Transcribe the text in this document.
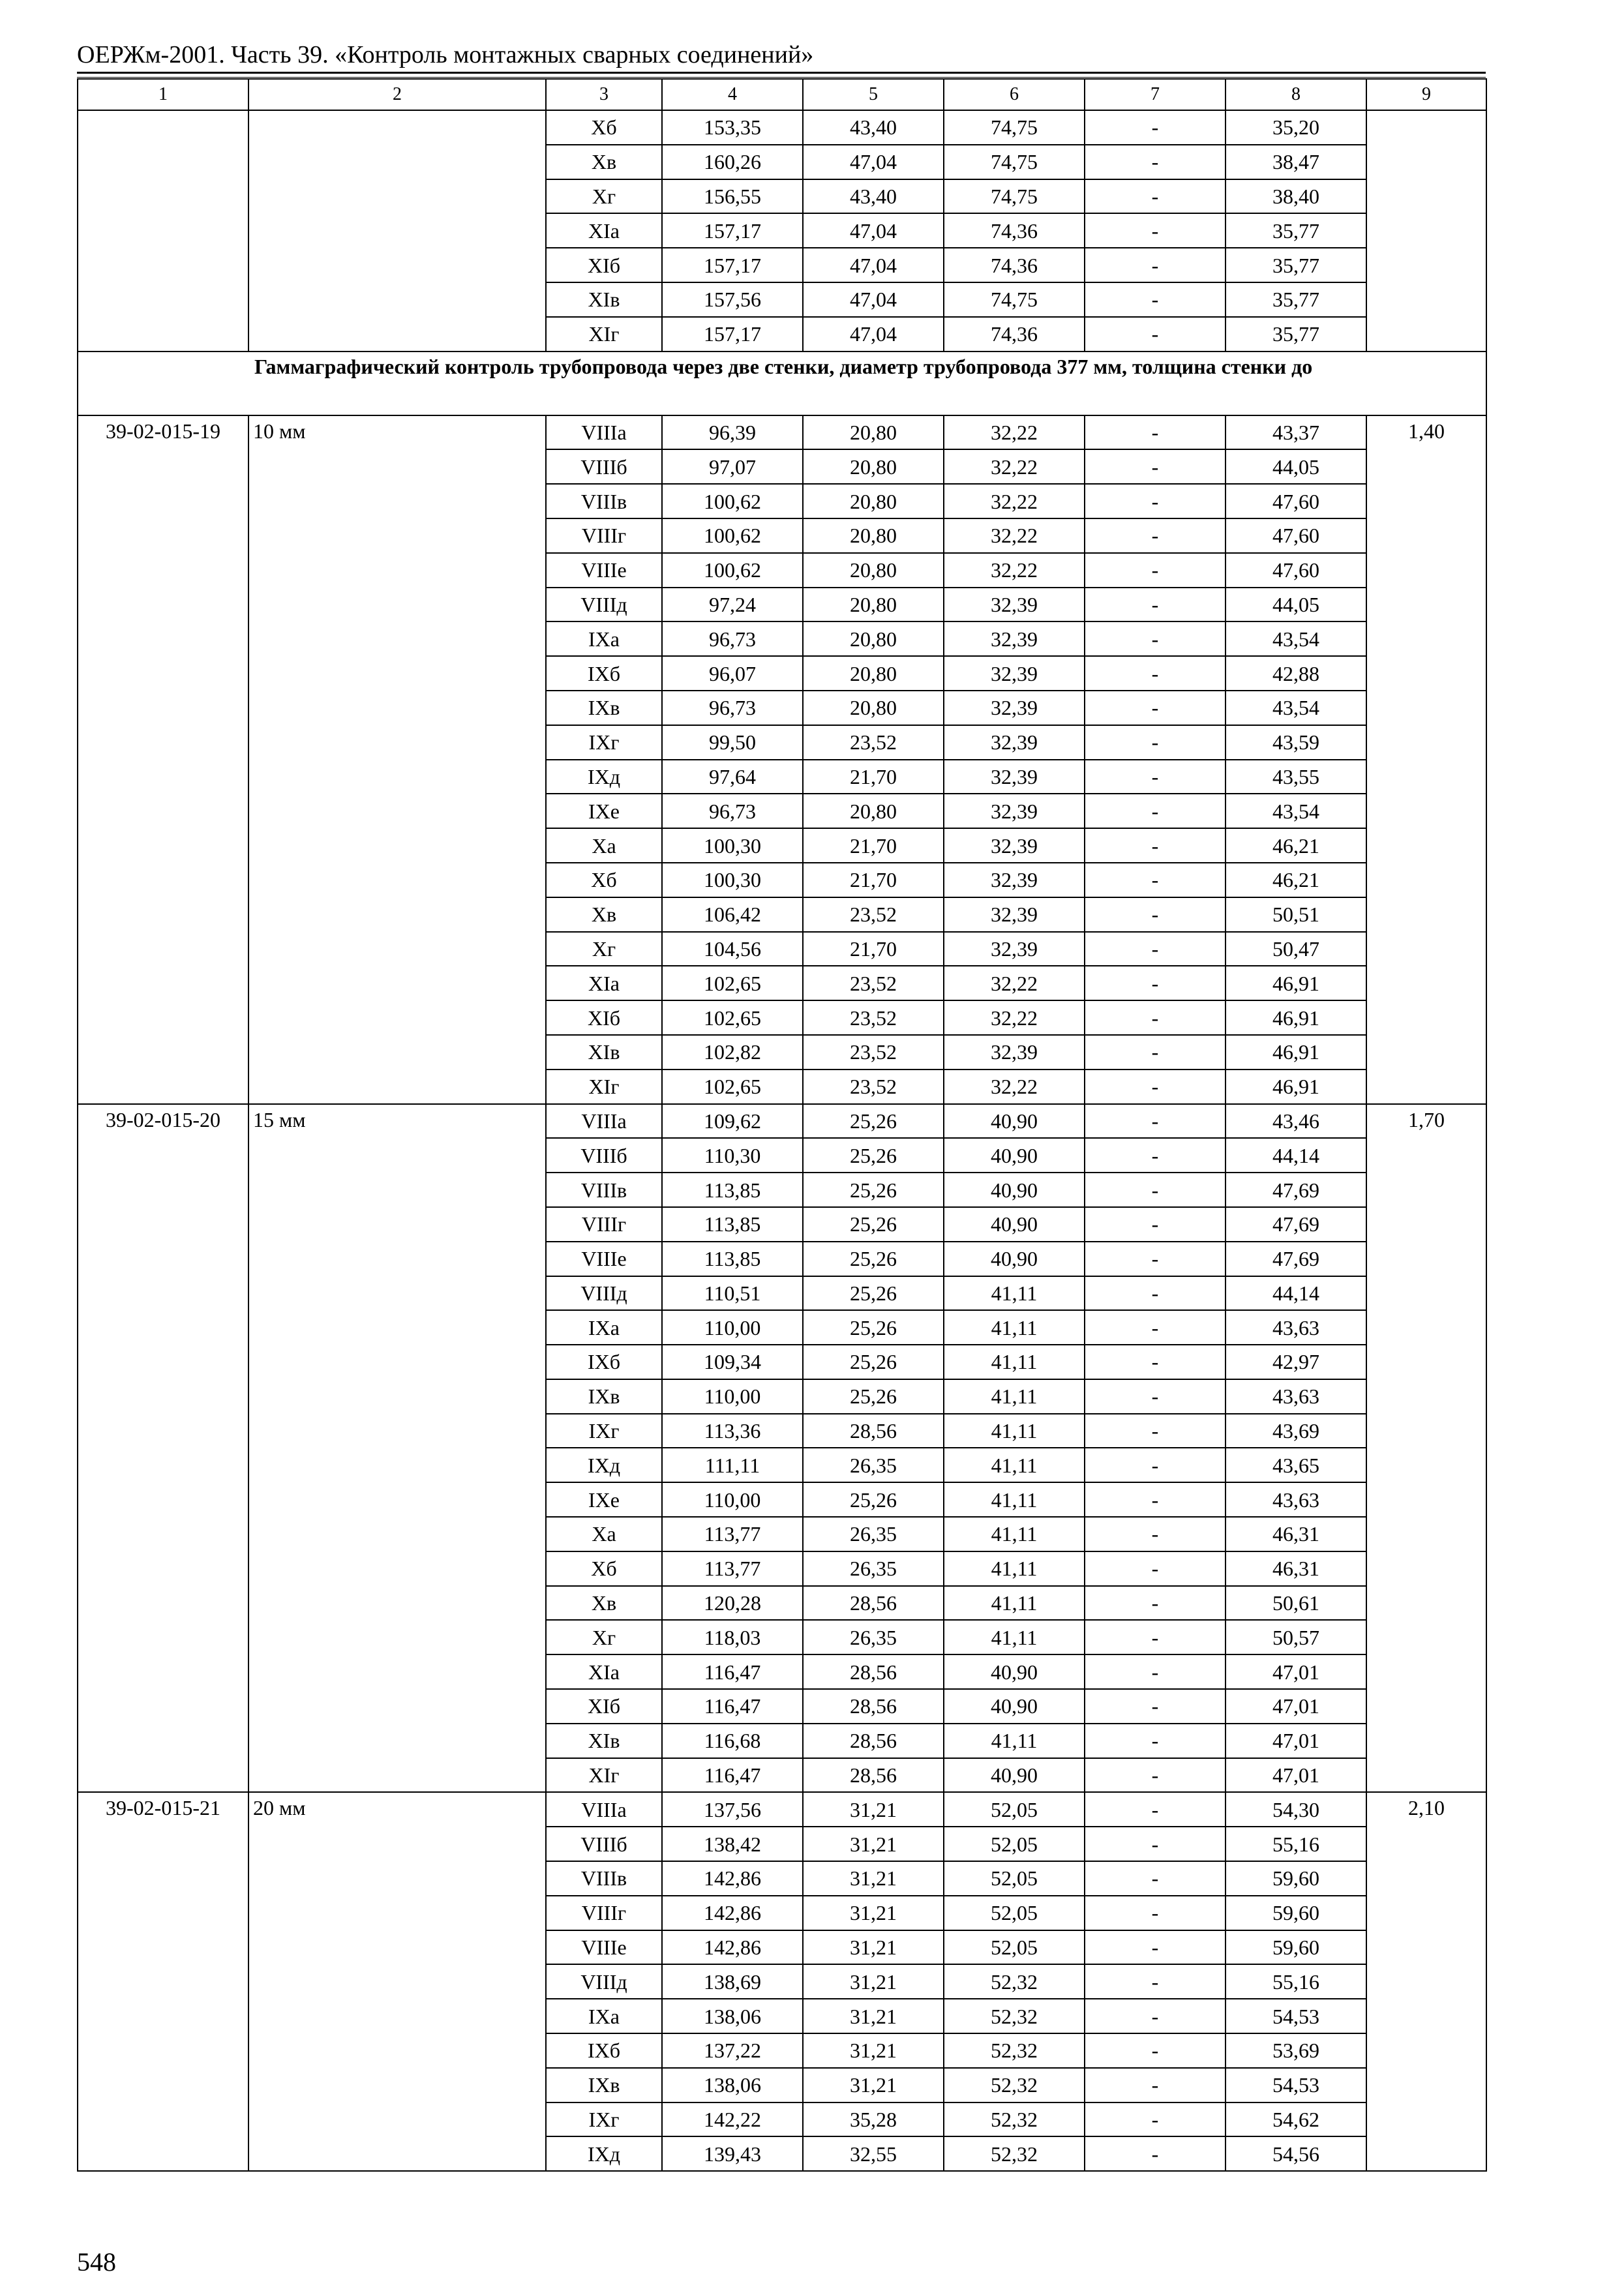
ОЕРЖм-2001. Часть 39. «Контроль монтажных сварных соединений»
1	2	3	4	5	6	7	8	9
		Xб	153,35	43,40	74,75	-	35,20	
		Xв	160,26	47,04	74,75	-	38,47	
		Xг	156,55	43,40	74,75	-	38,40	
		XIа	157,17	47,04	74,36	-	35,77	
		XIб	157,17	47,04	74,36	-	35,77	
		XIв	157,56	47,04	74,75	-	35,77	
		XIг	157,17	47,04	74,36	-	35,77	
Гаммаграфический контроль трубопровода через две стенки, диаметр трубопровода 377 мм, толщина стенки до								
39-02-015-19	10 мм	VIIIа	96,39	20,80	32,22	-	43,37	1,40
		VIIIб	97,07	20,80	32,22	-	44,05	
		VIIIв	100,62	20,80	32,22	-	47,60	
		VIIIг	100,62	20,80	32,22	-	47,60	
		VIIIе	100,62	20,80	32,22	-	47,60	
		VIIIд	97,24	20,80	32,39	-	44,05	
		IXа	96,73	20,80	32,39	-	43,54	
		IXб	96,07	20,80	32,39	-	42,88	
		IXв	96,73	20,80	32,39	-	43,54	
		IXг	99,50	23,52	32,39	-	43,59	
		IXд	97,64	21,70	32,39	-	43,55	
		IXе	96,73	20,80	32,39	-	43,54	
		Xа	100,30	21,70	32,39	-	46,21	
		Xб	100,30	21,70	32,39	-	46,21	
		Xв	106,42	23,52	32,39	-	50,51	
		Xг	104,56	21,70	32,39	-	50,47	
		XIа	102,65	23,52	32,22	-	46,91	
		XIб	102,65	23,52	32,22	-	46,91	
		XIв	102,82	23,52	32,39	-	46,91	
		XIг	102,65	23,52	32,22	-	46,91	
39-02-015-20	15 мм	VIIIа	109,62	25,26	40,90	-	43,46	1,70
		VIIIб	110,30	25,26	40,90	-	44,14	
		VIIIв	113,85	25,26	40,90	-	47,69	
		VIIIг	113,85	25,26	40,90	-	47,69	
		VIIIе	113,85	25,26	40,90	-	47,69	
		VIIIд	110,51	25,26	41,11	-	44,14	
		IXа	110,00	25,26	41,11	-	43,63	
		IXб	109,34	25,26	41,11	-	42,97	
		IXв	110,00	25,26	41,11	-	43,63	
		IXг	113,36	28,56	41,11	-	43,69	
		IXд	111,11	26,35	41,11	-	43,65	
		IXе	110,00	25,26	41,11	-	43,63	
		Xа	113,77	26,35	41,11	-	46,31	
		Xб	113,77	26,35	41,11	-	46,31	
		Xв	120,28	28,56	41,11	-	50,61	
		Xг	118,03	26,35	41,11	-	50,57	
		XIа	116,47	28,56	40,90	-	47,01	
		XIб	116,47	28,56	40,90	-	47,01	
		XIв	116,68	28,56	41,11	-	47,01	
		XIг	116,47	28,56	40,90	-	47,01	
39-02-015-21	20 мм	VIIIа	137,56	31,21	52,05	-	54,30	2,10
		VIIIб	138,42	31,21	52,05	-	55,16	
		VIIIв	142,86	31,21	52,05	-	59,60	
		VIIIг	142,86	31,21	52,05	-	59,60	
		VIIIе	142,86	31,21	52,05	-	59,60	
		VIIIд	138,69	31,21	52,32	-	55,16	
		IXа	138,06	31,21	52,32	-	54,53	
		IXб	137,22	31,21	52,32	-	53,69	
		IXв	138,06	31,21	52,32	-	54,53	
		IXг	142,22	35,28	52,32	-	54,62	
		IXд	139,43	32,55	52,32	-	54,56	
548
